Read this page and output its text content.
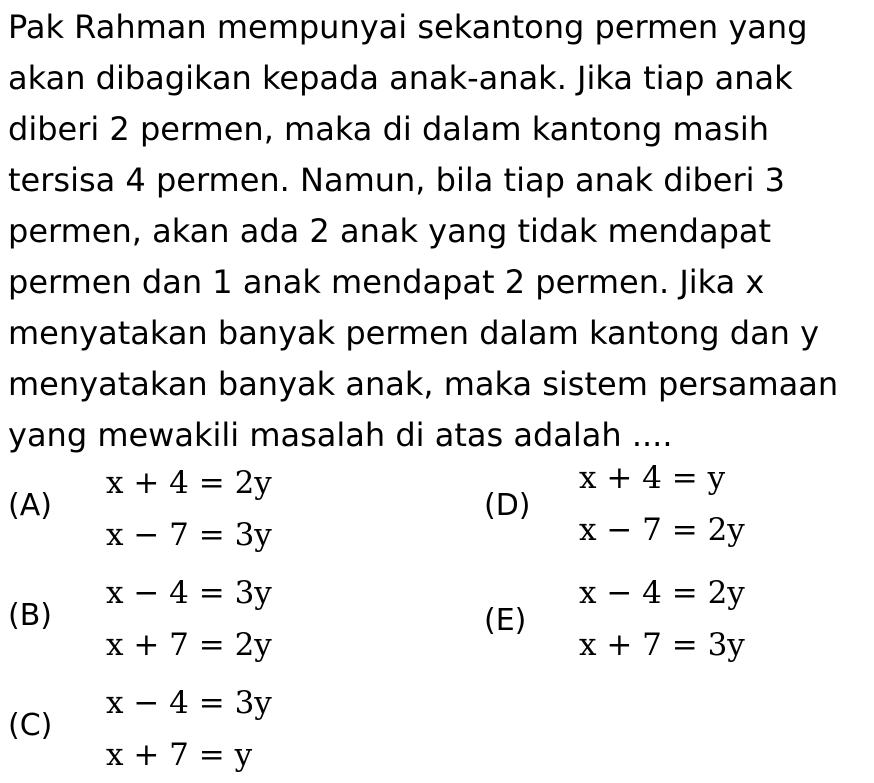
Pak Rahman mempunyai sekantong permen yang
akan dibagikan kepada anak-anak. Jika tiap anak
diberi 2 permen, maka di dalam kantong masih
tersisa 4 permen. Namun, bila tiap anak diberi 3
permen, akan ada 2 anak yang tidak mendapat
permen dan 1 anak mendapat 2 permen. Jika x
menyatakan banyak permen dalam kantong dan y
menyatakan banyak anak, maka sistem persamaan
yang mewakili masalah di atas adalah ....
(A)
x + 4 = 2y
x − 7 = 3y
(B)
x − 4 = 3y
x + 7 = 2y
(C)
x − 4 = 3y
x + 7 = y
(D)
x + 4 = y
x − 7 = 2y
(E)
x − 4 = 2y
x + 7 = 3y
